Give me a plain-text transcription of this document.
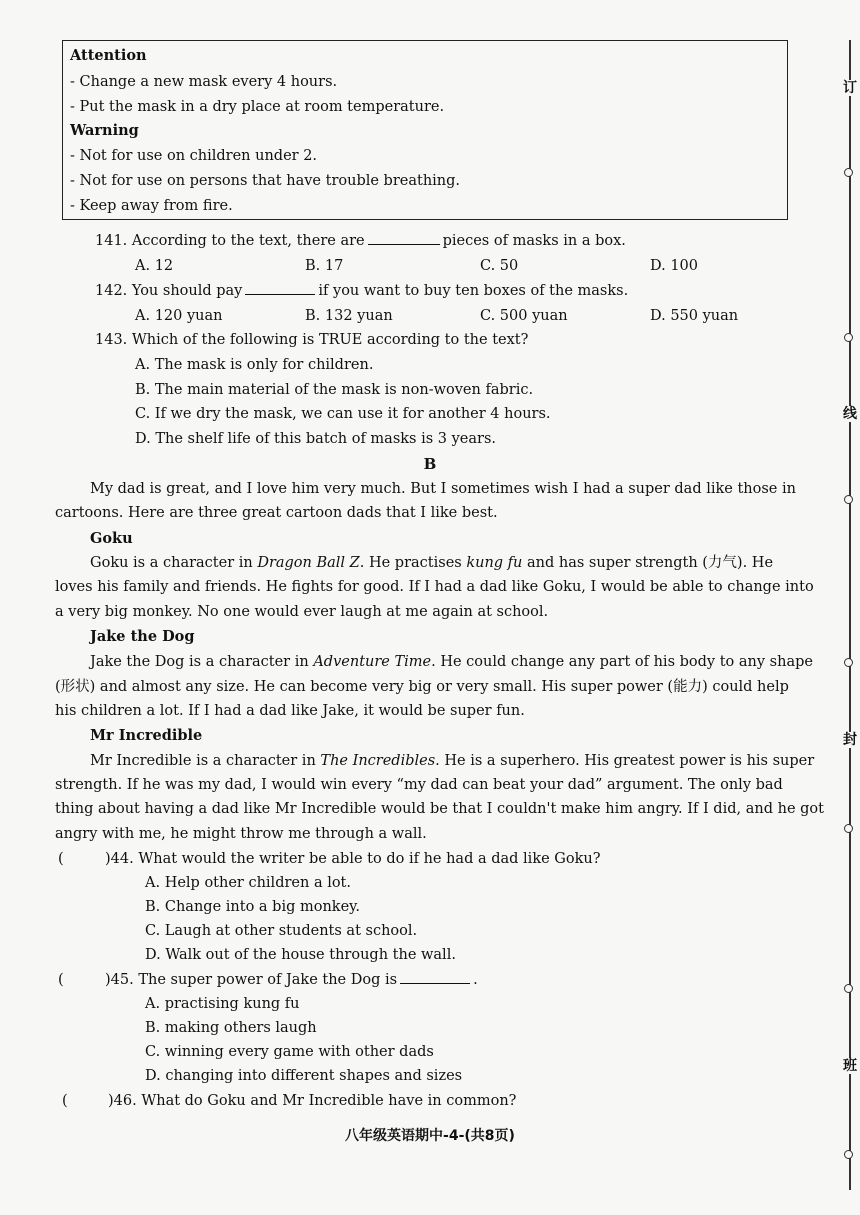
Attention
- Change a new mask every 4 hours.
- Put the mask in a dry place at room temperature.
Warning
- Not for use on children under 2.
- Not for use on persons that have trouble breathing.
- Keep away from fire.
141. According to the text, there are	pieces of masks in a box.
A. 12	B. 17	C. 50	D. 100
142. You should pay	if you want to buy ten boxes of the masks.
A. 120 yuan	B. 132 yuan	C. 500 yuan	D. 550 yuan
143. Which of the following is TRUE according to the text?
A. The mask is only for children.
B. The main material of the mask is non-woven fabric.
C. If we dry the mask, we can use it for another 4 hours.
D. The shelf life of this batch of masks is 3 years.
B
My dad is great, and I love him very much. But I sometimes wish I had a super dad like those in
cartoons. Here are three great cartoon dads that I like best.
Goku
Goku is a character in Dragon Ball Z. He practises kung fu and has super strength (力气). He
loves his family and friends. He fights for good. If I had a dad like Goku, I would be able to change into
a very big monkey. No one would ever laugh at me again at school.
Jake the Dog
Jake the Dog is a character in Adventure Time. He could change any part of his body to any shape
(形状) and almost any size. He can become very big or very small. His super power (能力) could help
his children a lot. If I had a dad like Jake, it would be super fun.
Mr Incredible
Mr Incredible is a character in The Incredibles. He is a superhero. His greatest power is his super
strength. If he was my dad, I would win every “my dad can beat your dad” argument. The only bad
thing about having a dad like Mr Incredible would be that I couldn't make him angry. If I did, and he got
angry with me, he might throw me through a wall.
(	)44. What would the writer be able to do if he had a dad like Goku?
A. Help other children a lot.
B. Change into a big monkey.
C. Laugh at other students at school.
D. Walk out of the house through the wall.
(	)45. The super power of Jake the Dog is	.
A. practising kung fu
B. making others laugh
C. winning every game with other dads
D. changing into different shapes and sizes
(	)46. What do Goku and Mr Incredible have in common?
八年级英语期中-4-(共8页)
订
线
封
班
